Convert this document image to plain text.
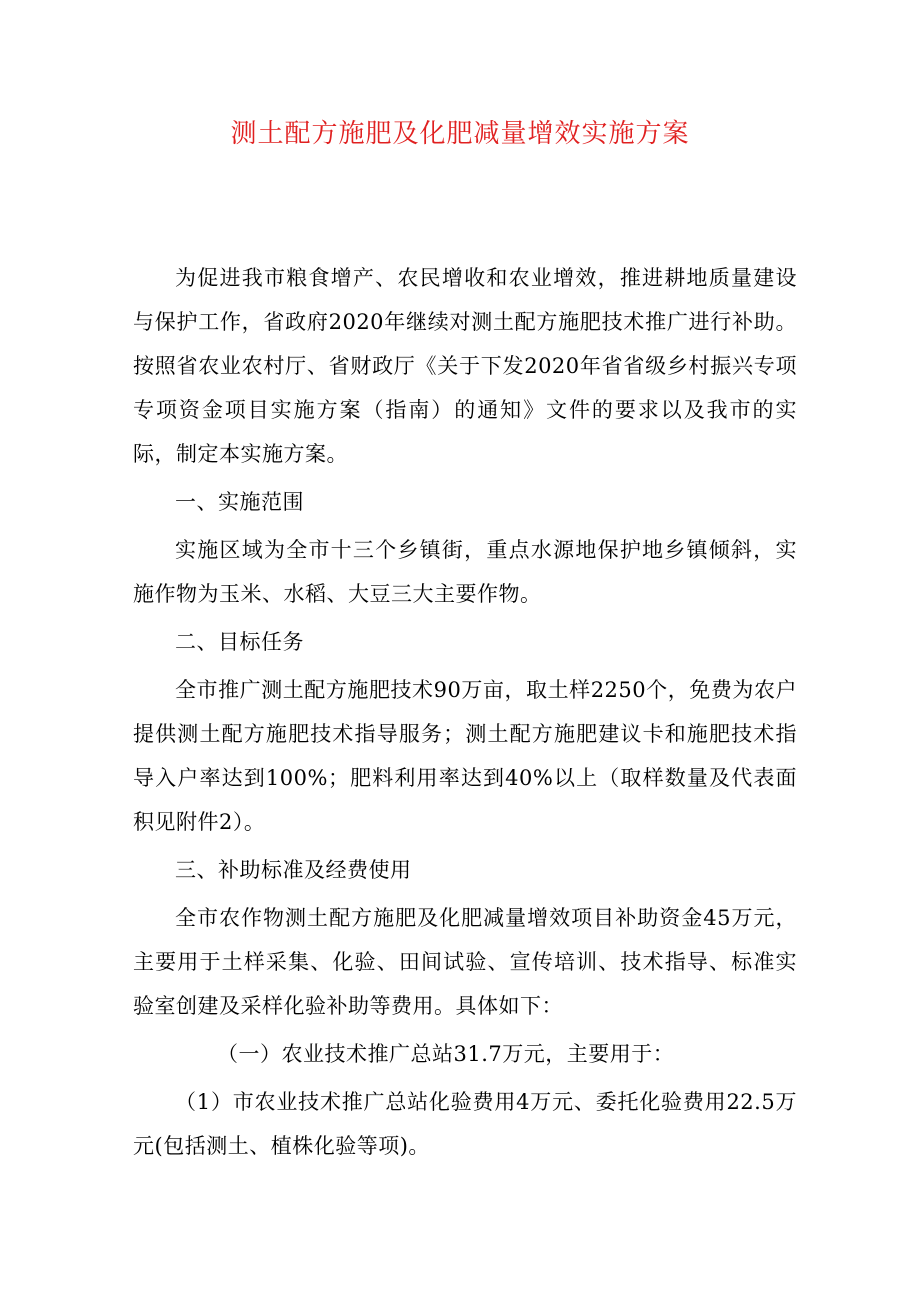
测土配方施肥及化肥减量增效实施方案

为促进我市粮食增产、农民增收和农业增效，推进耕地质量建设与保护工作，省政府2020年继续对测土配方施肥技术推广进行补助。按照省农业农村厅、省财政厅《关于下发2020年省省级乡村振兴专项专项资金项目实施方案（指南）的通知》文件的要求以及我市的实际，制定本实施方案。

一、实施范围

实施区域为全市十三个乡镇街，重点水源地保护地乡镇倾斜，实施作物为玉米、水稻、大豆三大主要作物。

二、目标任务

全市推广测土配方施肥技术90万亩，取土样2250个，免费为农户提供测土配方施肥技术指导服务；测土配方施肥建议卡和施肥技术指导入户率达到100%；肥料利用率达到40%以上（取样数量及代表面积见附件2）。

三、补助标准及经费使用

全市农作物测土配方施肥及化肥减量增效项目补助资金45万元，主要用于土样采集、化验、田间试验、宣传培训、技术指导、标准实验室创建及采样化验补助等费用。具体如下：

（一）农业技术推广总站31.7万元，主要用于：

（1）市农业技术推广总站化验费用4万元、委托化验费用22.5万元(包括测土、植株化验等项)。
